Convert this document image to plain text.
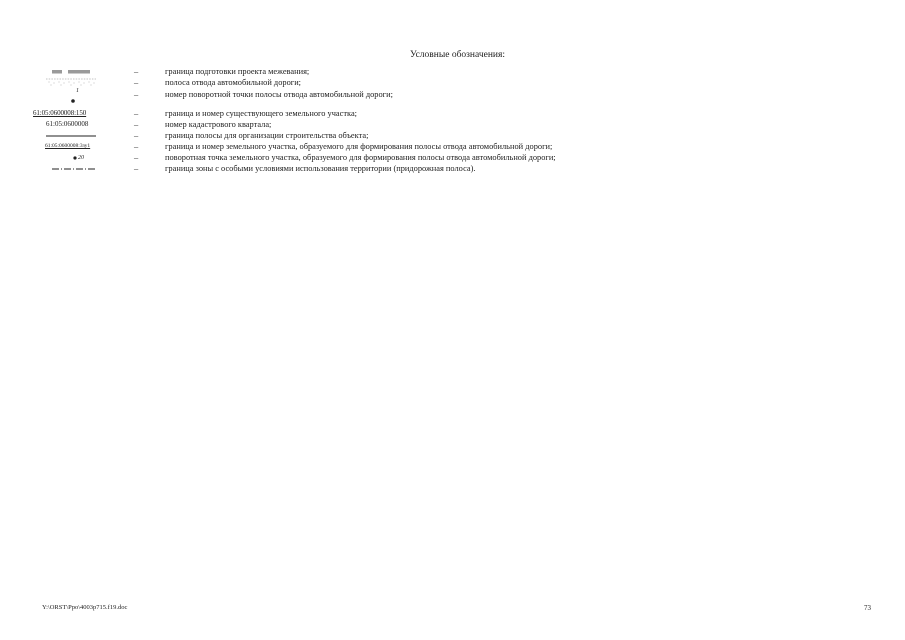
Условные обозначения:
–	граница подготовки проекта межевания;
–	полоса отвода автомобильной дороги;
1	–	номер поворотной точки полосы отвода автомобильной дороги;
61:05:0600008:150	–	граница и номер существующего земельного участка;
61:05:0600008	–	номер кадастрового квартала;
–	граница полосы для организации строительства объекта;
61:05:0600008:3зу1	–	граница и номер земельного участка, образуемого для формирования полосы отвода автомобильной дороги;
20	–	поворотная точка земельного участка, образуемого для формирования полосы отвода автомобильной дороги;
–	граница зоны с особыми условиями использования территории (придорожная полоса).
Y:\ORST\Ppo\4003p715.f19.doc	73
